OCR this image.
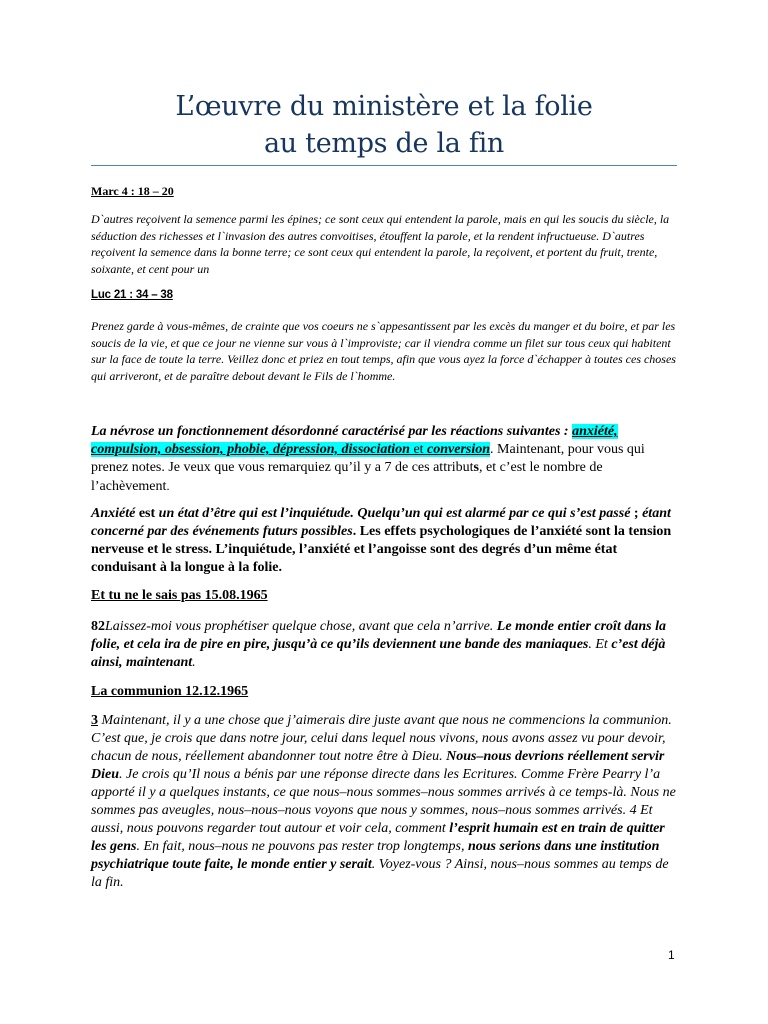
L’œuvre du ministère et la folie
au temps de la fin
Marc 4 : 18 – 20
D`autres reçoivent la semence parmi les épines; ce sont ceux qui entendent la parole, mais en qui les soucis du siècle, la séduction des richesses et l`invasion des autres convoitises, étouffent la parole, et la rendent infructueuse. D`autres reçoivent la semence dans la bonne terre; ce sont ceux qui entendent la parole, la reçoivent, et portent du fruit, trente, soixante, et cent pour un
Luc 21 : 34 – 38
Prenez garde à vous-mêmes, de crainte que vos coeurs ne s`appesantissent par les excès du manger et du boire, et par les soucis de la vie, et que ce jour ne vienne sur vous à l`improviste; car il viendra comme un filet sur tous ceux qui habitent sur la face de toute la terre. Veillez donc et priez en tout temps, afin que vous ayez la force d`échapper à toutes ces choses qui arriveront, et de paraître debout devant le Fils de l`homme.
La névrose un fonctionnement désordonné caractérisé par les réactions suivantes : anxiété, compulsion, obsession, phobie, dépression, dissociation et conversion. Maintenant, pour vous qui prenez notes. Je veux que vous remarquiez qu’il y a 7 de ces attributs, et c’est le nombre de l’achèvement.
Anxiété est un état d’être qui est l’inquiétude. Quelqu’un qui est alarmé par ce qui s’est passé ; étant concerné par des événements futurs possibles. Les effets psychologiques de l’anxiété sont la tension nerveuse et le stress. L’inquiétude, l’anxiété et l’angoisse sont des degrés d’un même état conduisant à la longue à la folie.
Et tu ne le sais pas 15.08.1965
82Laissez-moi vous prophétiser quelque chose, avant que cela n’arrive. Le monde entier croît dans la folie, et cela ira de pire en pire, jusqu’à ce qu’ils deviennent une bande des maniaques. Et c’est déjà ainsi, maintenant.
La communion 12.12.1965
3 Maintenant, il y a une chose que j’aimerais dire juste avant que nous ne commencions la communion. C’est que, je crois que dans notre jour, celui dans lequel nous vivons, nous avons assez vu pour devoir, chacun de nous, réellement abandonner tout notre être à Dieu. Nous–nous devrions réellement servir Dieu. Je crois qu’Il nous a bénis par une réponse directe dans les Ecritures. Comme Frère Pearry l’a apporté il y a quelques instants, ce que nous–nous sommes–nous sommes arrivés à ce temps-là. Nous ne sommes pas aveugles, nous–nous–nous voyons que nous y sommes, nous–nous sommes arrivés. 4 Et aussi, nous pouvons regarder tout autour et voir cela, comment l’esprit humain est en train de quitter les gens. En fait, nous–nous ne pouvons pas rester trop longtemps, nous serions dans une institution psychiatrique toute faite, le monde entier y serait. Voyez-vous ? Ainsi, nous–nous sommes au temps de la fin.
1
